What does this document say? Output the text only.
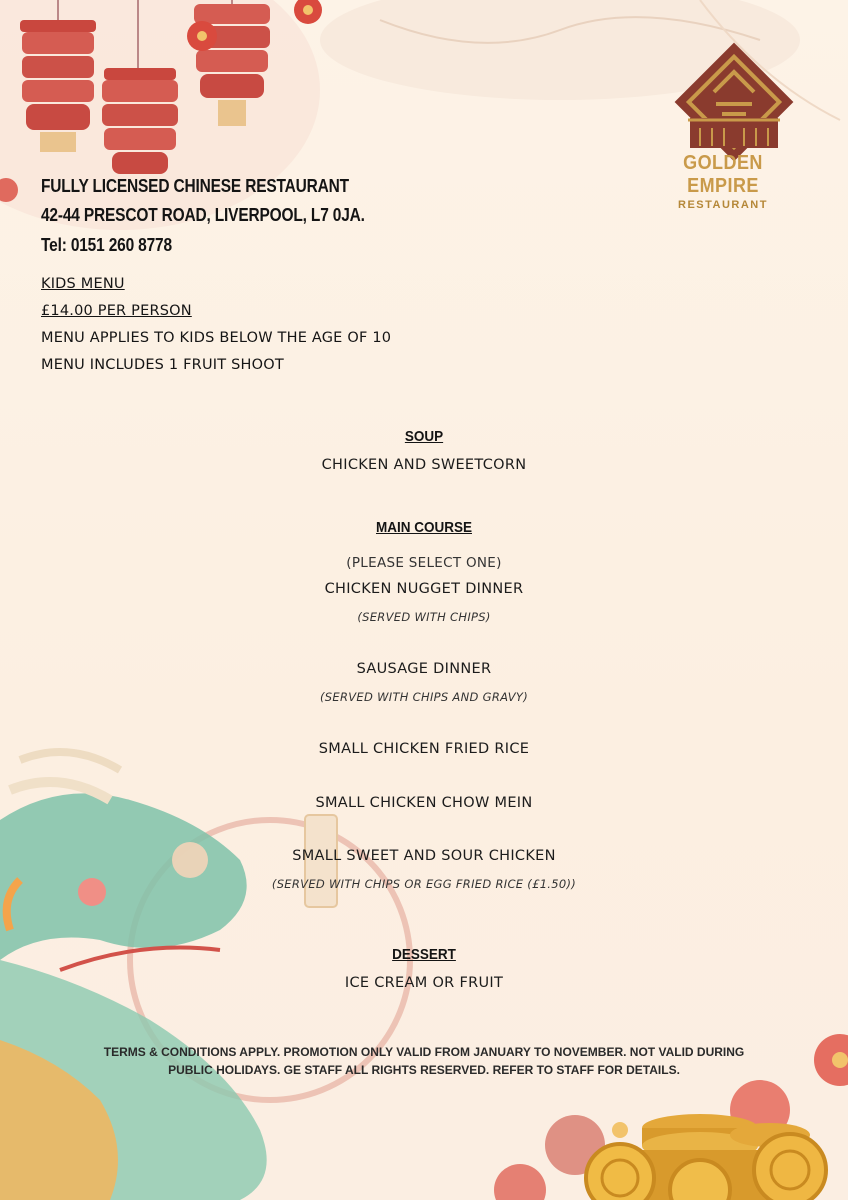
GOLDEN EMPIRE
RESTAURANT
FULLY LICENSED CHINESE RESTAURANT
42-44 PRESCOT ROAD, LIVERPOOL, L7 0JA.
Tel: 0151 260 8778
KIDS MENU
£14.00 PER PERSON
MENU APPLIES TO KIDS BELOW THE AGE OF 10
MENU INCLUDES 1 FRUIT SHOOT
SOUP
CHICKEN AND SWEETCORN
MAIN COURSE
(PLEASE SELECT ONE)
CHICKEN NUGGET DINNER
(SERVED WITH CHIPS)
SAUSAGE DINNER
(SERVED WITH CHIPS AND GRAVY)
SMALL CHICKEN FRIED RICE
SMALL CHICKEN CHOW MEIN
SMALL SWEET AND SOUR CHICKEN
(SERVED WITH CHIPS OR EGG FRIED RICE (£1.50))
DESSERT
ICE CREAM OR FRUIT
TERMS & CONDITIONS APPLY. PROMOTION ONLY VALID FROM JANUARY TO NOVEMBER. NOT VALID DURING
PUBLIC HOLIDAYS. GE STAFF ALL RIGHTS RESERVED. REFER TO STAFF FOR DETAILS.
